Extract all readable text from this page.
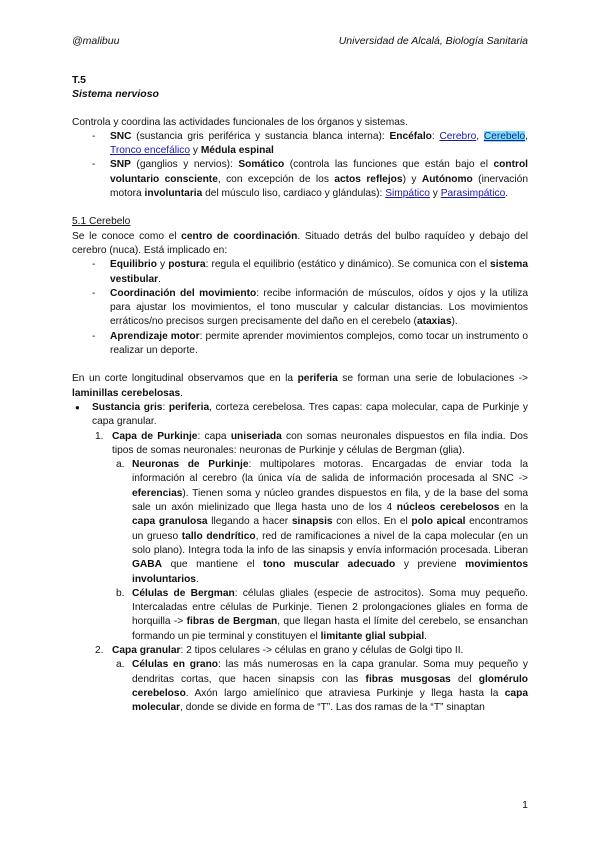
@malibuu	Universidad de Alcalá, Biología Sanitaria
T.5
Sistema nervioso

Controla y coordina las actividades funcionales de los órganos y sistemas.

- SNC (sustancia gris periférica y sustancia blanca interna): Encéfalo: Cerebro, Cerebelo, Tronco encefálico y Médula espinal
- SNP (ganglios y nervios): Somático (controla las funciones que están bajo el control voluntario consciente, con excepción de los actos reflejos) y Autónomo (inervación motora involuntaria del músculo liso, cardiaco y glándulas): Simpático y Parasimpático.
5.1 Cerebelo

Se le conoce como el centro de coordinación. Situado detrás del bulbo raquídeo y debajo del cerebro (nuca). Está implicado en:

- Equilibrio y postura: regula el equilibrio (estático y dinámico). Se comunica con el sistema vestibular.
- Coordinación del movimiento: recibe información de músculos, oídos y ojos y la utiliza para ajustar los movimientos, el tono muscular y calcular distancias. Los movimientos erráticos/no precisos surgen precisamente del daño en el cerebelo (ataxias).
- Aprendizaje motor: permite aprender movimientos complejos, como tocar un instrumento o realizar un deporte.

En un corte longitudinal observamos que en la periferia se forman una serie de lobulaciones -> laminillas cerebelosas.

● Sustancia gris: periferia, corteza cerebelosa. Tres capas: capa molecular, capa de Purkinje y capa granular.
1. Capa de Purkinje: capa uniseriada con somas neuronales dispuestos en fila india. Dos tipos de somas neuronales: neuronas de Purkinje y células de Bergman (glia).
a. Neuronas de Purkinje: multipolares motoras. Encargadas de enviar toda la información al cerebro (la única vía de salida de información procesada al SNC -> eferencias). Tienen soma y núcleo grandes dispuestos en fila, y de la base del soma sale un axón mielinizado que llega hasta uno de los 4 núcleos cerebelosos en la capa granulosa llegando a hacer sinapsis con ellos. En el polo apical encontramos un grueso tallo dendrítico, red de ramificaciones a nivel de la capa molecular (en un solo plano). Integra toda la info de las sinapsis y envía información procesada. Liberan GABA que mantiene el tono muscular adecuado y previene movimientos involuntarios.
b. Células de Bergman: células gliales (especie de astrocitos). Soma muy pequeño. Intercaladas entre células de Purkinje. Tienen 2 prolongaciones gliales en forma de horquilla -> fibras de Bergman, que llegan hasta el límite del cerebelo, se ensanchan formando un pie terminal y constituyen el limitante glial subpial.
2. Capa granular: 2 tipos celulares -> células en grano y células de Golgi tipo II.
a. Células en grano: las más numerosas en la capa granular. Soma muy pequeño y dendritas cortas, que hacen sinapsis con las fibras musgosas del glomérulo cerebeloso. Axón largo amielínico que atraviesa Purkinje y llega hasta la capa molecular, donde se divide en forma de “T”. Las dos ramas de la “T” sinaptan
1
